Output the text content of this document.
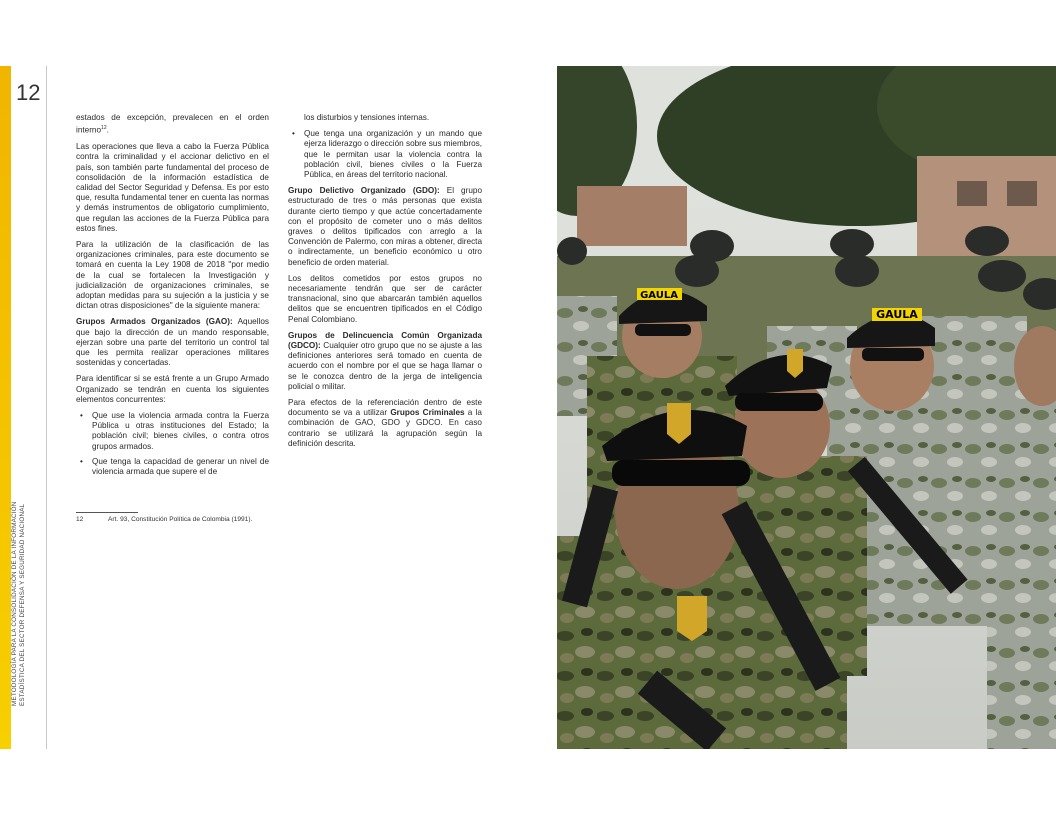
12
METODOLOGÍA PARA LA CONSOLIDACIÓN DE LA INFORMACIÓN ESTADÍSTICA DEL SECTOR DEFENSA Y SEGURIDAD NACIONAL

estados de excepción, prevalecen en el orden interno$^{12}$.

Las operaciones que lleva a cabo la Fuerza Pública contra la criminalidad y el accionar delictivo en el país, son también parte fundamental del proceso de consolidación de la información estadística de calidad del Sector Seguridad y Defensa. Es por esto que, resulta fundamental tener en cuenta las normas y demás instrumentos de obligatorio cumplimiento, que regulan las acciones de la Fuerza Pública para estos fines.

Para la utilización de la clasificación de las organizaciones criminales, para este documento se tomará en cuenta la Ley 1908 de 2018 "por medio de la cual se fortalecen la Investigación y judicialización de organizaciones criminales, se adoptan medidas para su sujeción a la justicia y se dictan otras disposiciones" de la siguiente manera:

Grupos Armados Organizados (GAO): Aquellos que bajo la dirección de un mando responsable, ejerzan sobre una parte del territorio un control tal que les permita realizar operaciones militares sostenidas y concertadas.

Para identificar si se está frente a un Grupo Armado Organizado se tendrán en cuenta los siguientes elementos concurrentes:

• Que use la violencia armada contra la Fuerza Pública u otras instituciones del Estado; la población civil; bienes civiles, o contra otros grupos armados.
• Que tenga la capacidad de generar un nivel de violencia armada que supere el de

los disturbios y tensiones internas.

• Que tenga una organización y un mando que ejerza liderazgo o dirección sobre sus miembros, que le permitan usar la violencia contra la población civil, bienes civiles o la Fuerza Pública, en áreas del territorio nacional.

Grupo Delictivo Organizado (GDO): El grupo estructurado de tres o más personas que exista durante cierto tiempo y que actúe concertadamente con el propósito de cometer uno o más delitos graves o delitos tipificados con arreglo a la Convención de Palermo, con miras a obtener, directa o indirectamente, un beneficio económico u otro beneficio de orden material.

Los delitos cometidos por estos grupos no necesariamente tendrán que ser de carácter transnacional, sino que abarcarán también aquellos delitos que se encuentren tipificados en el Código Penal Colombiano.

Grupos de Delincuencia Común Organizada (GDCO): Cualquier otro grupo que no se ajuste a las definiciones anteriores será tomado en cuenta de acuerdo con el nombre por el que se haga llamar o se le conozca dentro de la jerga de inteligencia policial o militar.

Para efectos de la referenciación dentro de este documento se va a utilizar Grupos Criminales a la combinación de GAO, GDO y GDCO. En caso contrario se utilizará la agrupación según la definición descrita.

12	Art. 93, Constitución Política de Colombia (1991).
GAULA
GAULA
